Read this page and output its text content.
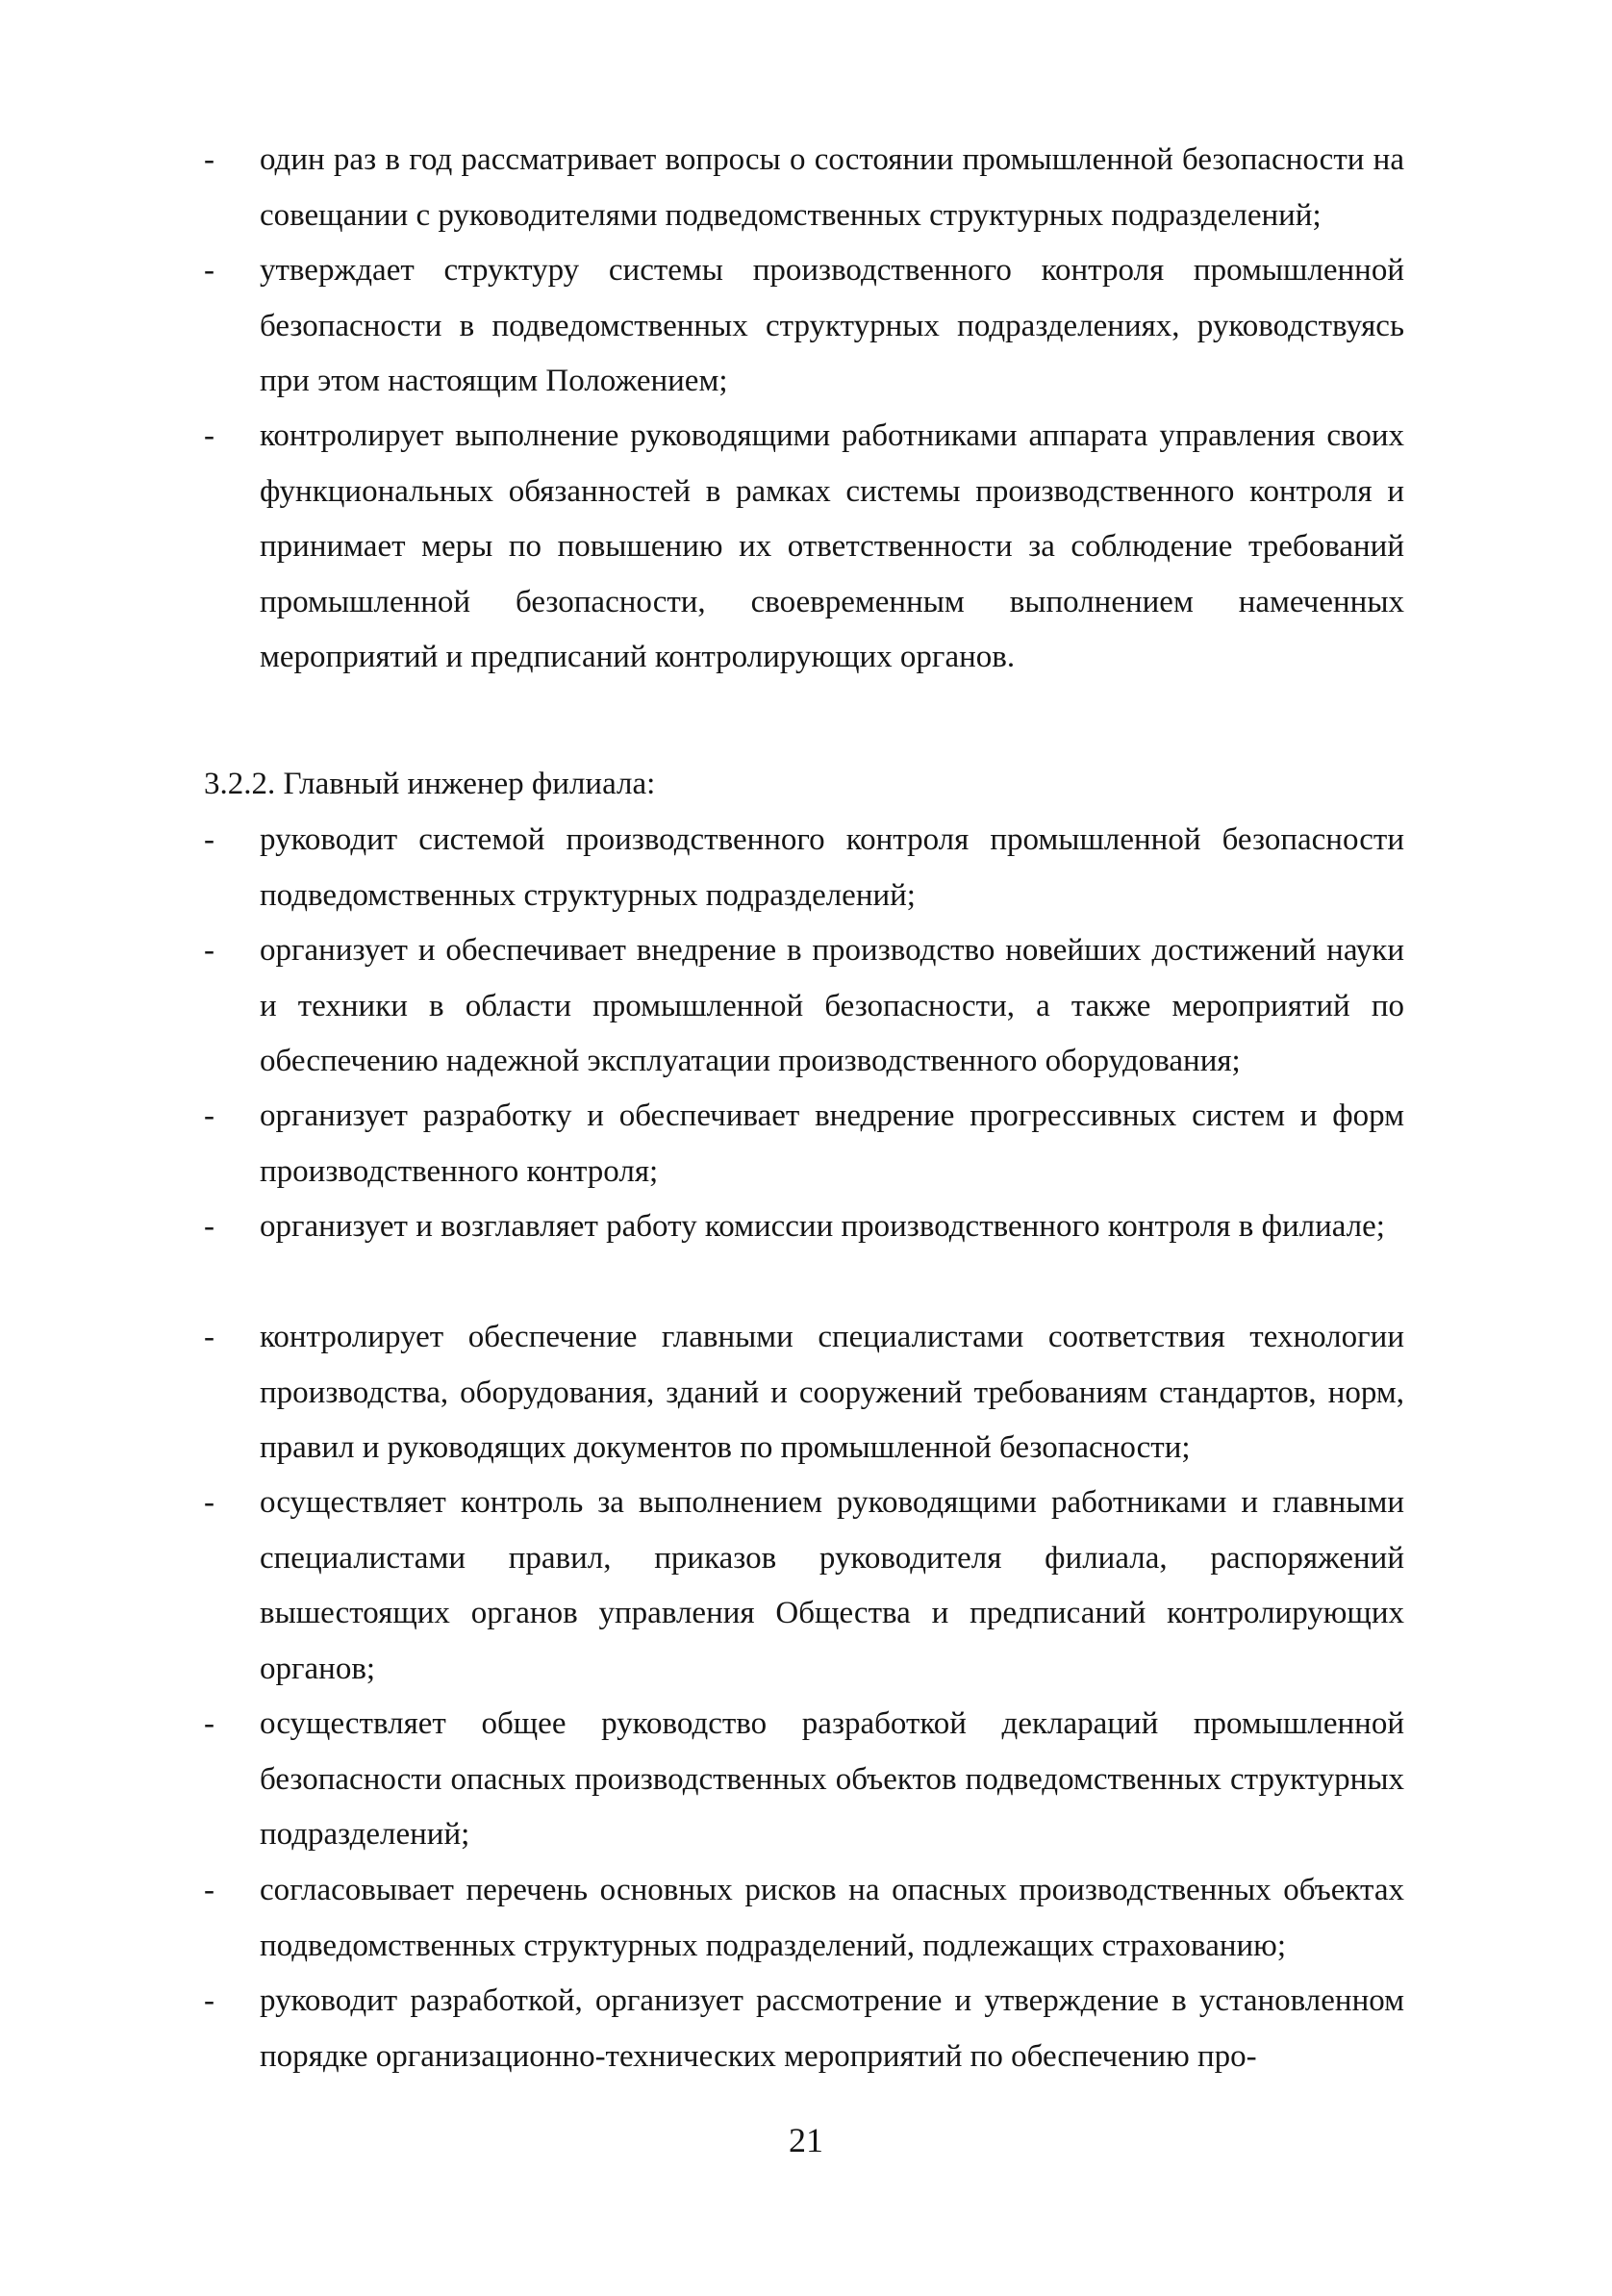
- один раз в год рассматривает вопросы о состоянии промышленной безопасности на совещании с руководителями подведомственных структурных подразделений;

- утверждает структуру системы производственного контроля промышленной безопасности в подведомственных структурных подразделениях, руководствуясь при этом настоящим Положением;

- контролирует выполнение руководящими работниками аппарата управления своих функциональных обязанностей в рамках системы производственного контроля и принимает меры по повышению их ответственности за соблюдение требований промышленной безопасности, своевременным выполнением намеченных мероприятий и предписаний контролирующих органов.

3.2.2. Главный инженер филиала:

- руководит системой производственного контроля промышленной безопасности подведомственных структурных подразделений;

- организует и обеспечивает внедрение в производство новейших достижений науки и техники в области промышленной безопасности, а также мероприятий по обеспечению надежной эксплуатации производственного оборудования;

- организует разработку и обеспечивает внедрение прогрессивных систем и форм производственного контроля;

- организует и возглавляет работу комиссии производственного контроля в филиале;

- контролирует обеспечение главными специалистами соответствия технологии производства, оборудования, зданий и сооружений требованиям стандартов, норм, правил и руководящих документов по промышленной безопасности;

- осуществляет контроль за выполнением руководящими работниками и главными специалистами правил, приказов руководителя филиала, распоряжений вышестоящих органов управления Общества и предписаний контролирующих органов;

- осуществляет общее руководство разработкой деклараций промышленной безопасности опасных производственных объектов подведомственных структурных подразделений;

- согласовывает перечень основных рисков на опасных производственных объектах подведомственных структурных подразделений, подлежащих страхованию;

- руководит разработкой, организует рассмотрение и утверждение в установленном порядке организационно-технических мероприятий по обеспечению про-

21
